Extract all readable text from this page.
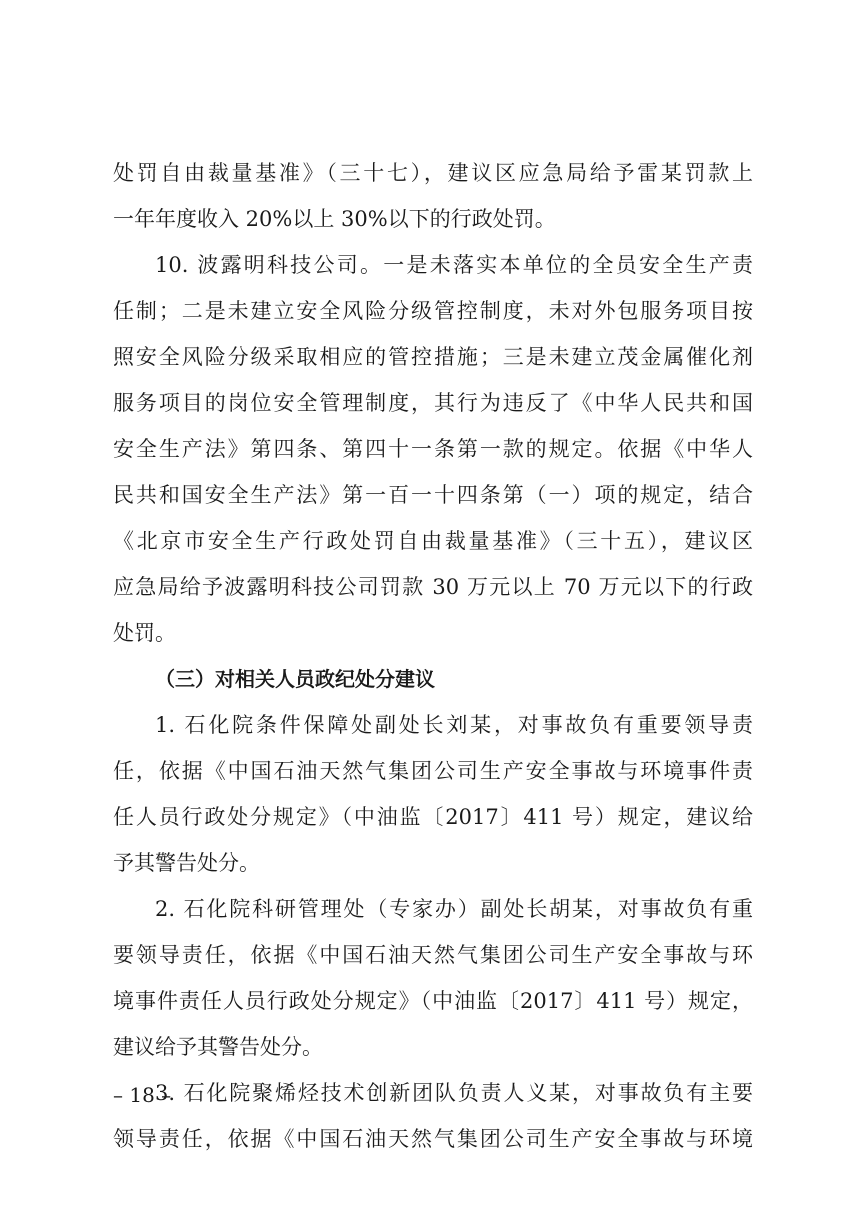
处罚自由裁量基准》（三十七），建议区应急局给予雷某罚款上
一年年度收入 20%以上 30%以下的行政处罚。
10. 波露明科技公司。一是未落实本单位的全员安全生产责
任制；二是未建立安全风险分级管控制度，未对外包服务项目按
照安全风险分级采取相应的管控措施；三是未建立茂金属催化剂
服务项目的岗位安全管理制度，其行为违反了《中华人民共和国
安全生产法》第四条、第四十一条第一款的规定。依据《中华人
民共和国安全生产法》第一百一十四条第（一）项的规定，结合
《北京市安全生产行政处罚自由裁量基准》（三十五），建议区
应急局给予波露明科技公司罚款 30 万元以上 70 万元以下的行政
处罚。
（三）对相关人员政纪处分建议
1. 石化院条件保障处副处长刘某，对事故负有重要领导责
任，依据《中国石油天然气集团公司生产安全事故与环境事件责
任人员行政处分规定》（中油监〔2017〕411 号）规定，建议给
予其警告处分。
2. 石化院科研管理处（专家办）副处长胡某，对事故负有重
要领导责任，依据《中国石油天然气集团公司生产安全事故与环
境事件责任人员行政处分规定》（中油监〔2017〕411 号）规定，
建议给予其警告处分。
3. 石化院聚烯烃技术创新团队负责人义某，对事故负有主要
领导责任，依据《中国石油天然气集团公司生产安全事故与环境
– 18 –
